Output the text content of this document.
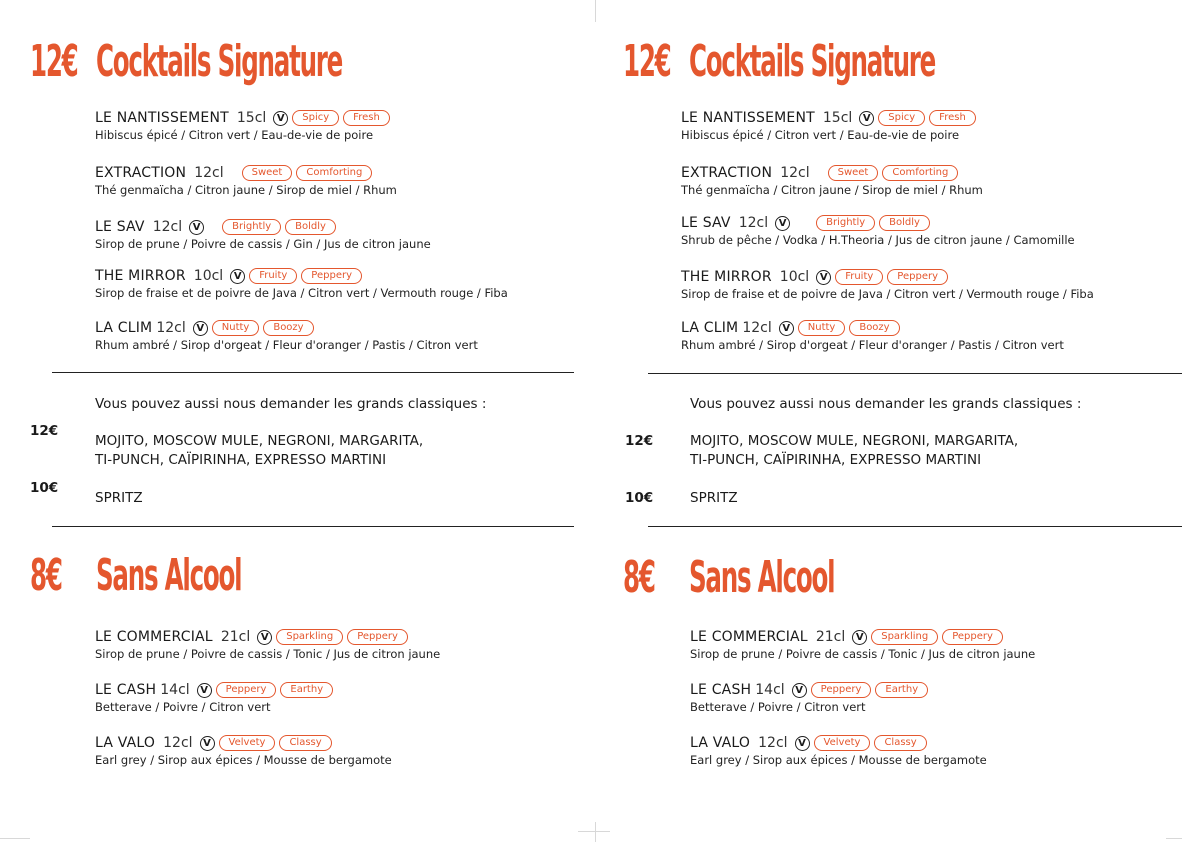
12€ Cocktails Signature
LE NANTISSEMENT 15cl	V	Spicy	Fresh
Hibiscus épicé / Citron vert / Eau-de-vie de poire
EXTRACTION 12cl	Sweet	Comforting
Thé genmaïcha / Citron jaune / Sirop de miel / Rhum
LE SAV 12cl	V	Brightly	Boldly
Sirop de prune / Poivre de cassis / Gin / Jus de citron jaune
THE MIRROR 10cl	V	Fruity	Peppery
Sirop de fraise et de poivre de Java / Citron vert / Vermouth rouge / Fiba
LA CLIM 12cl	V	Nutty	Boozy
Rhum ambré / Sirop d'orgeat / Fleur d'oranger / Pastis / Citron vert
Vous pouvez aussi nous demander les grands classiques :
12€
MOJITO, MOSCOW MULE, NEGRONI, MARGARITA,
TI-PUNCH, CAÏPIRINHA, EXPRESSO MARTINI
10€
SPRITZ
8€ Sans Alcool
LE COMMERCIAL 21cl	V	Sparkling	Peppery
Sirop de prune / Poivre de cassis / Tonic / Jus de citron jaune
LE CASH 14cl	V	Peppery	Earthy
Betterave / Poivre / Citron vert
LA VALO 12cl	V	Velvety	Classy
Earl grey / Sirop aux épices / Mousse de bergamote
12€ Cocktails Signature
LE NANTISSEMENT 15cl	V	Spicy	Fresh
Hibiscus épicé / Citron vert / Eau-de-vie de poire
EXTRACTION 12cl	Sweet	Comforting
Thé genmaïcha / Citron jaune / Sirop de miel / Rhum
LE SAV 12cl	V	Brightly	Boldly
Shrub de pêche / Vodka / H.Theoria / Jus de citron jaune / Camomille
THE MIRROR 10cl	V	Fruity	Peppery
Sirop de fraise et de poivre de Java / Citron vert / Vermouth rouge / Fiba
LA CLIM 12cl	V	Nutty	Boozy
Rhum ambré / Sirop d'orgeat / Fleur d'oranger / Pastis / Citron vert
Vous pouvez aussi nous demander les grands classiques :
12€	MOJITO, MOSCOW MULE, NEGRONI, MARGARITA,
TI-PUNCH, CAÏPIRINHA, EXPRESSO MARTINI
10€	SPRITZ
8€ Sans Alcool
LE COMMERCIAL 21cl	V	Sparkling	Peppery
Sirop de prune / Poivre de cassis / Tonic / Jus de citron jaune
LE CASH 14cl	V	Peppery	Earthy
Betterave / Poivre / Citron vert
LA VALO 12cl	V	Velvety	Classy
Earl grey / Sirop aux épices / Mousse de bergamote
